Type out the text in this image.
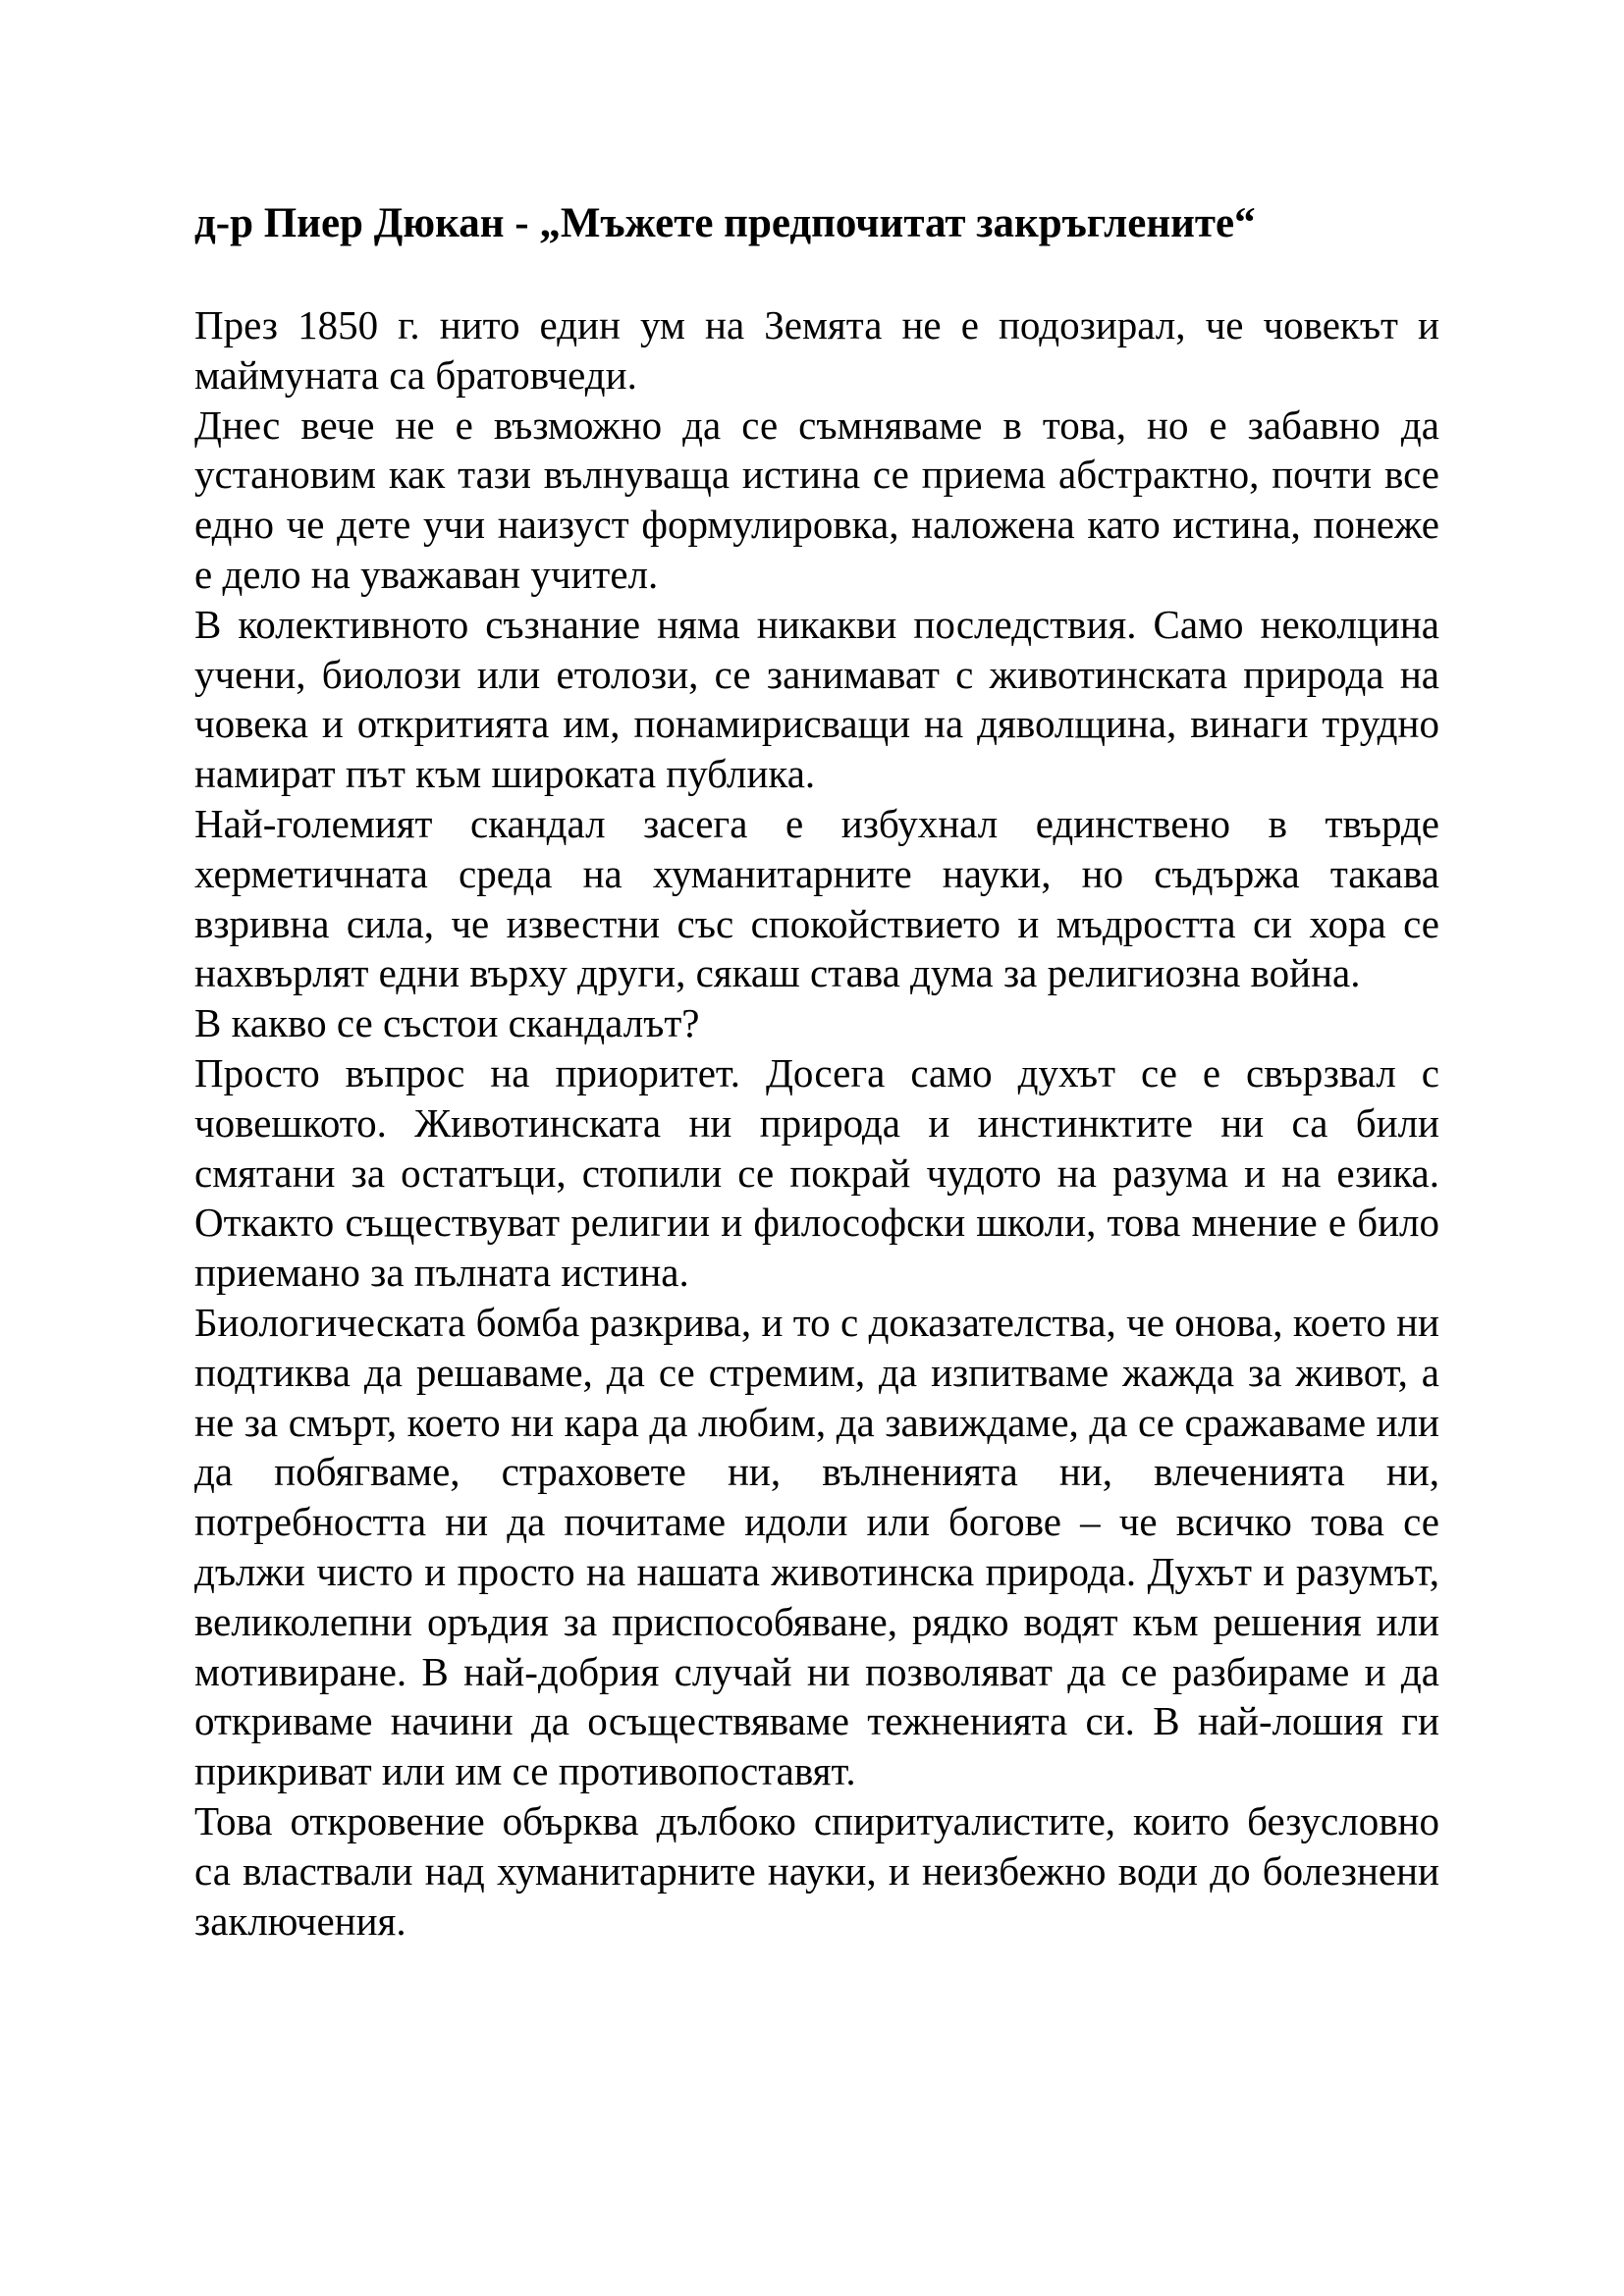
д-р Пиер Дюкан - „Мъжете предпочитат закръглените“

През 1850 г. нито един ум на Земята не е подозирал, че човекът и маймуната са братовчеди.

Днес вече не е възможно да се съмняваме в това, но е забавно да установим как тази вълнуваща истина се приема абстрактно, почти все едно че дете учи наизуст формулировка, наложена като истина, понеже е дело на уважаван учител.

В колективното съзнание няма никакви последствия. Само неколцина учени, биолози или етолози, се занимават с животинската природа на човека и откритията им, понамирисващи на дяволщина, винаги трудно намират път към широката публика.

Най-големият скандал засега е избухнал единствено в твърде херметичната среда на хуманитарните науки, но съдържа такава взривна сила, че известни със спокойствието и мъдростта си хора се нахвърлят едни върху други, сякаш става дума за религиозна война.

В какво се състои скандалът?

Просто въпрос на приоритет. Досега само духът се е свързвал с човешкото. Животинската ни природа и инстинктите ни са били смятани за остатъци, стопили се покрай чудото на разума и на езика. Откакто съществуват религии и философски школи, това мнение е било приемано за пълната истина.

Биологическата бомба разкрива, и то с доказателства, че онова, което ни подтиква да решаваме, да се стремим, да изпитваме жажда за живот, а не за смърт, което ни кара да любим, да завиждаме, да се сражаваме или да побягваме, страховете ни, вълненията ни, влеченията ни, потребността ни да почитаме идоли или богове – че всичко това се дължи чисто и просто на нашата животинска природа. Духът и разумът, великолепни оръдия за приспособяване, рядко водят към решения или мотивиране. В най-добрия случай ни позволяват да се разбираме и да откриваме начини да осъществяваме тежненията си. В най-лошия ги прикриват или им се противопоставят.

Това откровение обърква дълбоко спиритуалистите, които безусловно са властвали над хуманитарните науки, и неизбежно води до болезнени заключения.
